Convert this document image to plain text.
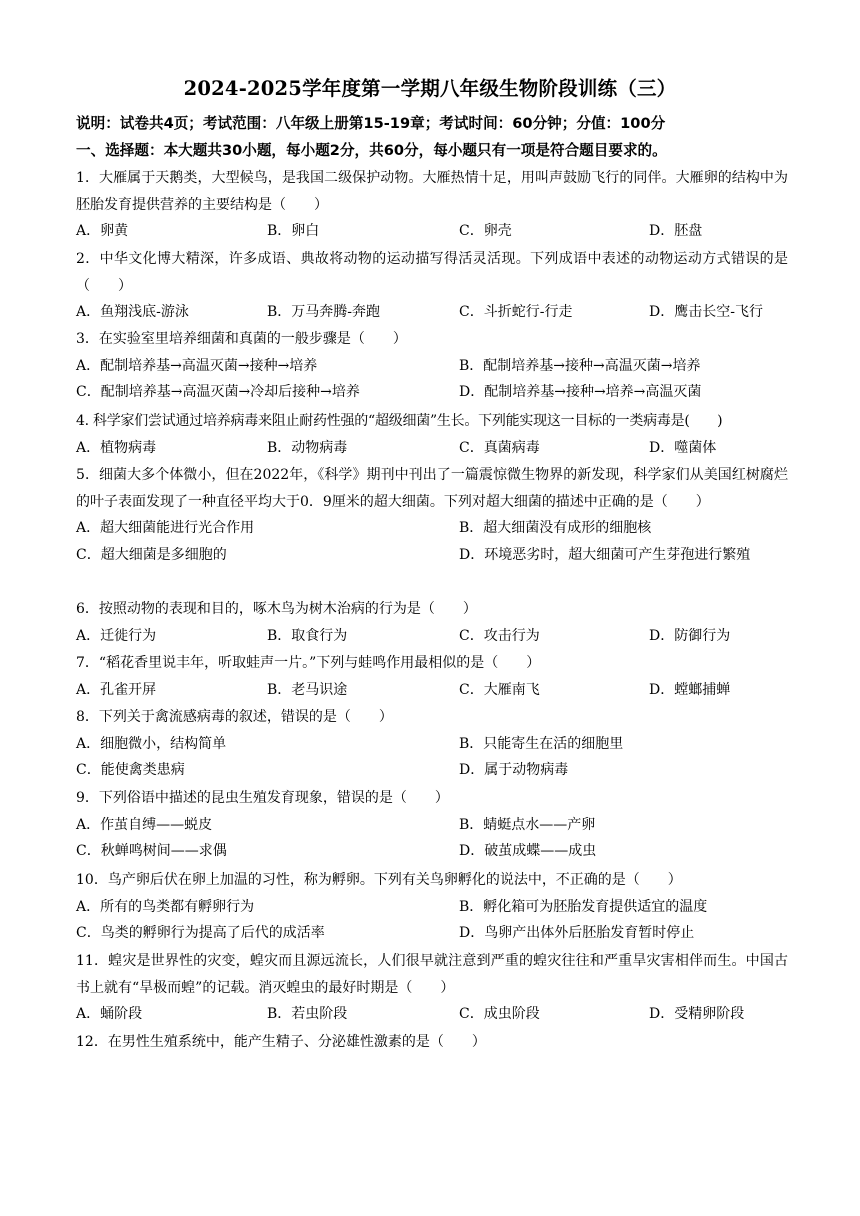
2024-2025学年度第一学期八年级生物阶段训练（三）
说明：试卷共4页；考试范围：八年级上册第15-19章；考试时间：60分钟；分值：100分
一、选择题：本大题共30小题，每小题2分，共60分，每小题只有一项是符合题目要求的。

1．大雁属于天鹅类，大型候鸟，是我国二级保护动物。大雁热情十足，用叫声鼓励飞行的同伴。大雁卵的结构中为胚胎发育提供营养的主要结构是（　　）

A．卵黄	B．卵白	C．卵壳	D．胚盘

2．中华文化博大精深，许多成语、典故将动物的运动描写得活灵活现。下列成语中表述的动物运动方式错误的是（　　）

A．鱼翔浅底-游泳	B．万马奔腾-奔跑	C．斗折蛇行-行走	D．鹰击长空-飞行

3．在实验室里培养细菌和真菌的一般步骤是（　　）

A．配制培养基→高温灭菌→接种→培养	B．配制培养基→接种→高温灭菌→培养
C．配制培养基→高温灭菌→冷却后接种→培养	D．配制培养基→接种→培养→高温灭菌

4. 科学家们尝试通过培养病毒来阻止耐药性强的“超级细菌”生长。下列能实现这一目标的一类病毒是(　　)

A．植物病毒	B．动物病毒	C．真菌病毒	D．噬菌体

5．细菌大多个体微小，但在2022年，《科学》期刊中刊出了一篇震惊微生物界的新发现，科学家们从美国红树腐烂的叶子表面发现了一种直径平均大于0．9厘米的超大细菌。下列对超大细菌的描述中正确的是（　　）

A．超大细菌能进行光合作用	B．超大细菌没有成形的细胞核
C．超大细菌是多细胞的	D．环境恶劣时，超大细菌可产生芽孢进行繁殖

6．按照动物的表现和目的，啄木鸟为树木治病的行为是（　　）

A．迁徙行为	B．取食行为	C．攻击行为	D．防御行为

7．“稻花香里说丰年，听取蛙声一片。”下列与蛙鸣作用最相似的是（　　）

A．孔雀开屏	B．老马识途	C．大雁南飞	D．螳螂捕蝉

8．下列关于禽流感病毒的叙述，错误的是（　　）

A．细胞微小，结构简单	B．只能寄生在活的细胞里
C．能使禽类患病	D．属于动物病毒

9．下列俗语中描述的昆虫生殖发育现象，错误的是（　　）

A．作茧自缚——蜕皮	B．蜻蜓点水——产卵
C．秋蝉鸣树间——求偶	D．破茧成蝶——成虫

10．鸟产卵后伏在卵上加温的习性，称为孵卵。下列有关鸟卵孵化的说法中，不正确的是（　　）

A．所有的鸟类都有孵卵行为	B．孵化箱可为胚胎发育提供适宜的温度
C．鸟类的孵卵行为提高了后代的成活率	D．鸟卵产出体外后胚胎发育暂时停止

11．蝗灾是世界性的灾变，蝗灾而且源远流长，人们很早就注意到严重的蝗灾往往和严重旱灾害相伴而生。中国古书上就有“旱极而蝗”的记载。消灭蝗虫的最好时期是（　　）

A．蛹阶段	B．若虫阶段	C．成虫阶段	D．受精卵阶段

12．在男性生殖系统中，能产生精子、分泌雄性激素的是（　　）
